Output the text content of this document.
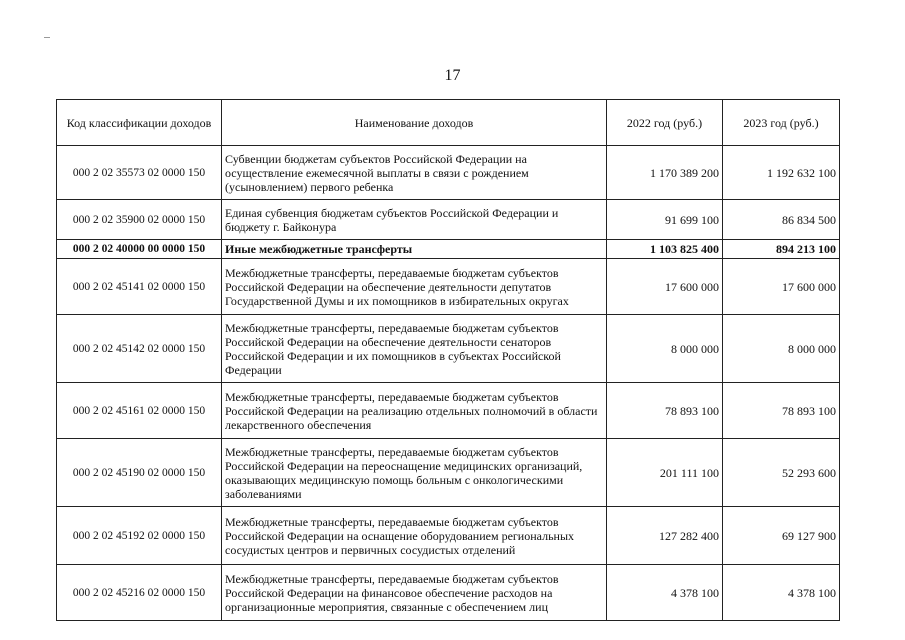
17
Код классификации доходов	Наименование доходов	2022 год (руб.)	2023 год (руб.)
000 2 02 35573 02 0000 150	Субвенции бюджетам субъектов Российской Федерации на осуществление ежемесячной выплаты в связи с рождением (усыновлением) первого ребенка	1 170 389 200	1 192 632 100
000 2 02 35900 02 0000 150	Единая субвенция бюджетам субъектов Российской Федерации и бюджету г. Байконура	91 699 100	86 834 500
000 2 02 40000 00 0000 150	Иные межбюджетные трансферты	1 103 825 400	894 213 100
000 2 02 45141 02 0000 150	Межбюджетные трансферты, передаваемые бюджетам субъектов Российской Федерации на обеспечение деятельности депутатов Государственной Думы и их помощников в избирательных округах	17 600 000	17 600 000
000 2 02 45142 02 0000 150	Межбюджетные трансферты, передаваемые бюджетам субъектов Российской Федерации на обеспечение деятельности сенаторов Российской Федерации и их помощников в субъектах Российской Федерации	8 000 000	8 000 000
000 2 02 45161 02 0000 150	Межбюджетные трансферты, передаваемые бюджетам субъектов Российской Федерации на реализацию отдельных полномочий в области лекарственного обеспечения	78 893 100	78 893 100
000 2 02 45190 02 0000 150	Межбюджетные трансферты, передаваемые бюджетам субъектов Российской Федерации на переоснащение медицинских организаций, оказывающих медицинскую помощь больным с онкологическими заболеваниями	201 111 100	52 293 600
000 2 02 45192 02 0000 150	Межбюджетные трансферты, передаваемые бюджетам субъектов Российской Федерации на оснащение оборудованием региональных сосудистых центров и первичных сосудистых отделений	127 282 400	69 127 900
000 2 02 45216 02 0000 150	Межбюджетные трансферты, передаваемые бюджетам субъектов Российской Федерации на финансовое обеспечение расходов на организационные мероприятия, связанные с обеспечением лиц	4 378 100	4 378 100
